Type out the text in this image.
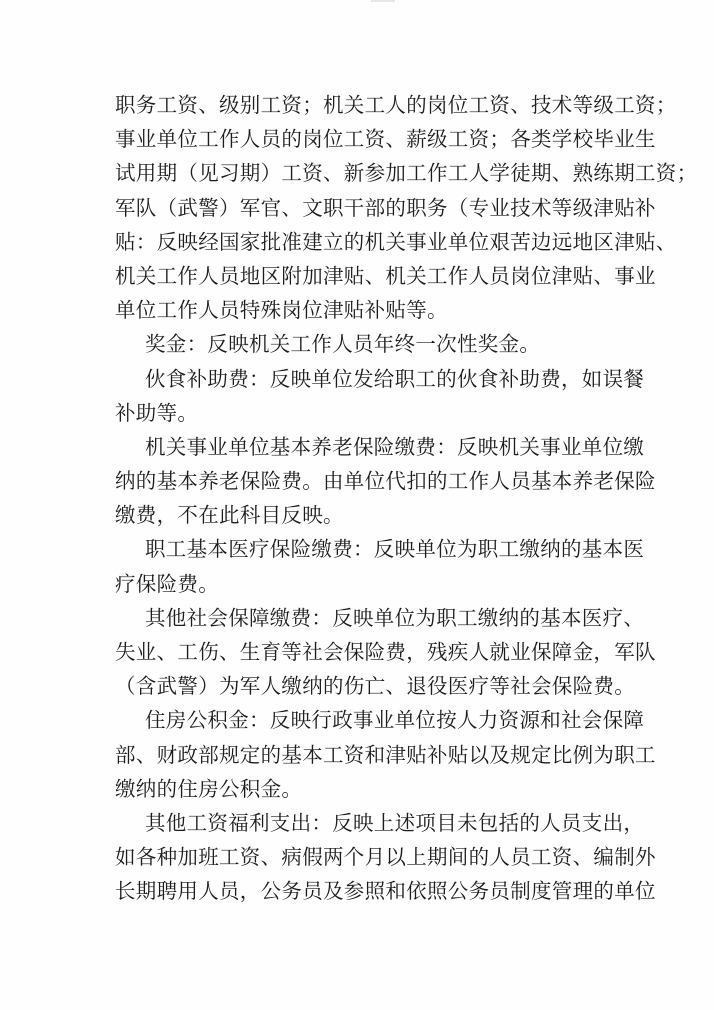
职务工资、级别工资；机关工人的岗位工资、技术等级工资；
事业单位工作人员的岗位工资、薪级工资；各类学校毕业生
试用期（见习期）工资、新参加工作工人学徒期、熟练期工资；
军队（武警）军官、文职干部的职务（专业技术等级津贴补
贴：反映经国家批准建立的机关事业单位艰苦边远地区津贴、
机关工作人员地区附加津贴、机关工作人员岗位津贴、事业
单位工作人员特殊岗位津贴补贴等。
奖金：反映机关工作人员年终一次性奖金。
伙食补助费：反映单位发给职工的伙食补助费，如误餐
补助等。
机关事业单位基本养老保险缴费：反映机关事业单位缴
纳的基本养老保险费。由单位代扣的工作人员基本养老保险
缴费，不在此科目反映。
职工基本医疗保险缴费：反映单位为职工缴纳的基本医
疗保险费。
其他社会保障缴费：反映单位为职工缴纳的基本医疗、
失业、工伤、生育等社会保险费，残疾人就业保障金，军队
（含武警）为军人缴纳的伤亡、退役医疗等社会保险费。
住房公积金：反映行政事业单位按人力资源和社会保障
部、财政部规定的基本工资和津贴补贴以及规定比例为职工
缴纳的住房公积金。
其他工资福利支出：反映上述项目未包括的人员支出，
如各种加班工资、病假两个月以上期间的人员工资、编制外
长期聘用人员，公务员及参照和依照公务员制度管理的单位
